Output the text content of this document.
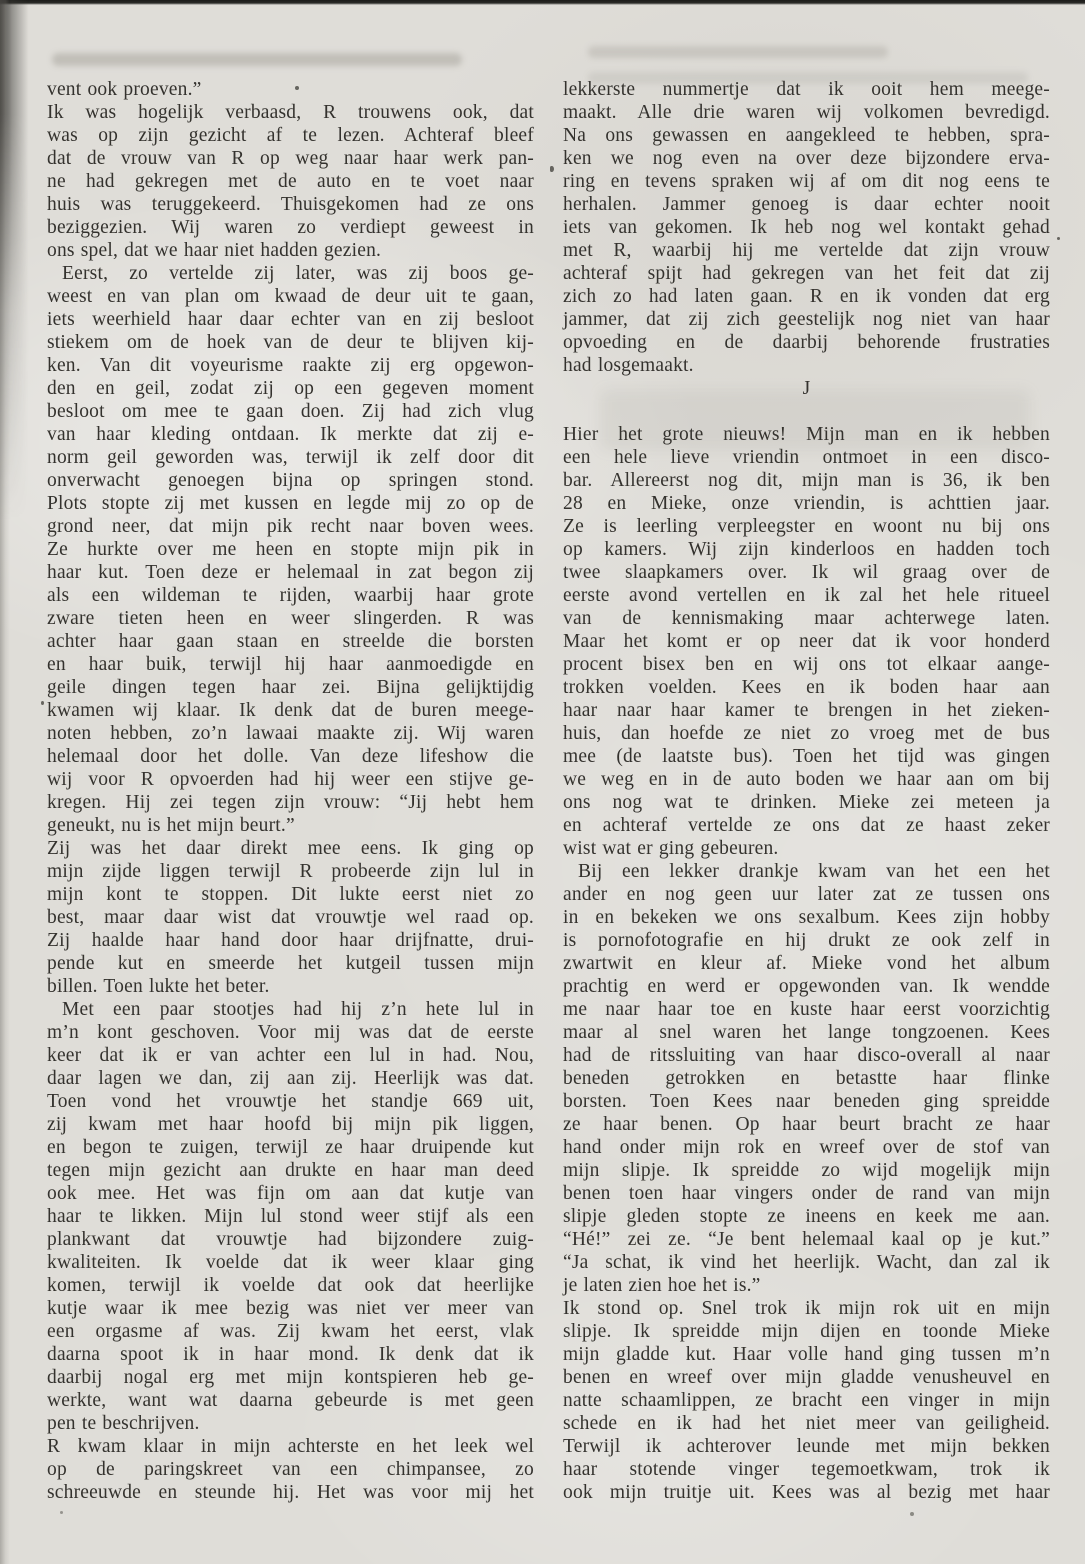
vent ook proeven.”
Ik was hogelijk verbaasd, R trouwens ook, dat
was op zijn gezicht af te lezen. Achteraf bleef
dat de vrouw van R op weg naar haar werk pan-
ne had gekregen met de auto en te voet naar
huis was teruggekeerd. Thuisgekomen had ze ons
beziggezien. Wij waren zo verdiept geweest in
ons spel, dat we haar niet hadden gezien.
Eerst, zo vertelde zij later, was zij boos ge-
weest en van plan om kwaad de deur uit te gaan,
iets weerhield haar daar echter van en zij besloot
stiekem om de hoek van de deur te blijven kij-
ken. Van dit voyeurisme raakte zij erg opgewon-
den en geil, zodat zij op een gegeven moment
besloot om mee te gaan doen. Zij had zich vlug
van haar kleding ontdaan. Ik merkte dat zij e-
norm geil geworden was, terwijl ik zelf door dit
onverwacht genoegen bijna op springen stond.
Plots stopte zij met kussen en legde mij zo op de
grond neer, dat mijn pik recht naar boven wees.
Ze hurkte over me heen en stopte mijn pik in
haar kut. Toen deze er helemaal in zat begon zij
als een wildeman te rijden, waarbij haar grote
zware tieten heen en weer slingerden. R was
achter haar gaan staan en streelde die borsten
en haar buik, terwijl hij haar aanmoedigde en
geile dingen tegen haar zei. Bijna gelijktijdig
kwamen wij klaar. Ik denk dat de buren meege-
noten hebben, zo’n lawaai maakte zij. Wij waren
helemaal door het dolle. Van deze lifeshow die
wij voor R opvoerden had hij weer een stijve ge-
kregen. Hij zei tegen zijn vrouw: “Jij hebt hem
geneukt, nu is het mijn beurt.”
Zij was het daar direkt mee eens. Ik ging op
mijn zijde liggen terwijl R probeerde zijn lul in
mijn kont te stoppen. Dit lukte eerst niet zo
best, maar daar wist dat vrouwtje wel raad op.
Zij haalde haar hand door haar drijfnatte, drui-
pende kut en smeerde het kutgeil tussen mijn
billen. Toen lukte het beter.
Met een paar stootjes had hij z’n hete lul in
m’n kont geschoven. Voor mij was dat de eerste
keer dat ik er van achter een lul in had. Nou,
daar lagen we dan, zij aan zij. Heerlijk was dat.
Toen vond het vrouwtje het standje 669 uit,
zij kwam met haar hoofd bij mijn pik liggen,
en begon te zuigen, terwijl ze haar druipende kut
tegen mijn gezicht aan drukte en haar man deed
ook mee. Het was fijn om aan dat kutje van
haar te likken. Mijn lul stond weer stijf als een
plankwant dat vrouwtje had bijzondere zuig-
kwaliteiten. Ik voelde dat ik weer klaar ging
komen, terwijl ik voelde dat ook dat heerlijke
kutje waar ik mee bezig was niet ver meer van
een orgasme af was. Zij kwam het eerst, vlak
daarna spoot ik in haar mond. Ik denk dat ik
daarbij nogal erg met mijn kontspieren heb ge-
werkte, want wat daarna gebeurde is met geen
pen te beschrijven.
R kwam klaar in mijn achterste en het leek wel
op de paringskreet van een chimpansee, zo
schreeuwde en steunde hij. Het was voor mij het
lekkerste nummertje dat ik ooit hem meege-
maakt. Alle drie waren wij volkomen bevredigd.
Na ons gewassen en aangekleed te hebben, spra-
ken we nog even na over deze bijzondere erva-
ring en tevens spraken wij af om dit nog eens te
herhalen. Jammer genoeg is daar echter nooit
iets van gekomen. Ik heb nog wel kontakt gehad
met R, waarbij hij me vertelde dat zijn vrouw
achteraf spijt had gekregen van het feit dat zij
zich zo had laten gaan. R en ik vonden dat erg
jammer, dat zij zich geestelijk nog niet van haar
opvoeding en de daarbij behorende frustraties
had losgemaakt.
J

Hier het grote nieuws! Mijn man en ik hebben
een hele lieve vriendin ontmoet in een disco-
bar. Allereerst nog dit, mijn man is 36, ik ben
28 en Mieke, onze vriendin, is achttien jaar.
Ze is leerling verpleegster en woont nu bij ons
op kamers. Wij zijn kinderloos en hadden toch
twee slaapkamers over. Ik wil graag over de
eerste avond vertellen en ik zal het hele ritueel
van de kennismaking maar achterwege laten.
Maar het komt er op neer dat ik voor honderd
procent bisex ben en wij ons tot elkaar aange-
trokken voelden. Kees en ik boden haar aan
haar naar haar kamer te brengen in het zieken-
huis, dan hoefde ze niet zo vroeg met de bus
mee (de laatste bus). Toen het tijd was gingen
we weg en in de auto boden we haar aan om bij
ons nog wat te drinken. Mieke zei meteen ja
en achteraf vertelde ze ons dat ze haast zeker
wist wat er ging gebeuren.
Bij een lekker drankje kwam van het een het
ander en nog geen uur later zat ze tussen ons
in en bekeken we ons sexalbum. Kees zijn hobby
is pornofotografie en hij drukt ze ook zelf in
zwartwit en kleur af. Mieke vond het album
prachtig en werd er opgewonden van. Ik wendde
me naar haar toe en kuste haar eerst voorzichtig
maar al snel waren het lange tongzoenen. Kees
had de ritssluiting van haar disco-overall al naar
beneden getrokken en betastte haar flinke
borsten. Toen Kees naar beneden ging spreidde
ze haar benen. Op haar beurt bracht ze haar
hand onder mijn rok en wreef over de stof van
mijn slipje. Ik spreidde zo wijd mogelijk mijn
benen toen haar vingers onder de rand van mijn
slipje gleden stopte ze ineens en keek me aan.
“Hé!” zei ze. “Je bent helemaal kaal op je kut.”
“Ja schat, ik vind het heerlijk. Wacht, dan zal ik
je laten zien hoe het is.”
Ik stond op. Snel trok ik mijn rok uit en mijn
slipje. Ik spreidde mijn dijen en toonde Mieke
mijn gladde kut. Haar volle hand ging tussen m’n
benen en wreef over mijn gladde venusheuvel en
natte schaamlippen, ze bracht een vinger in mijn
schede en ik had het niet meer van geiligheid.
Terwijl ik achterover leunde met mijn bekken
haar stotende vinger tegemoetkwam, trok ik
ook mijn truitje uit. Kees was al bezig met haar
